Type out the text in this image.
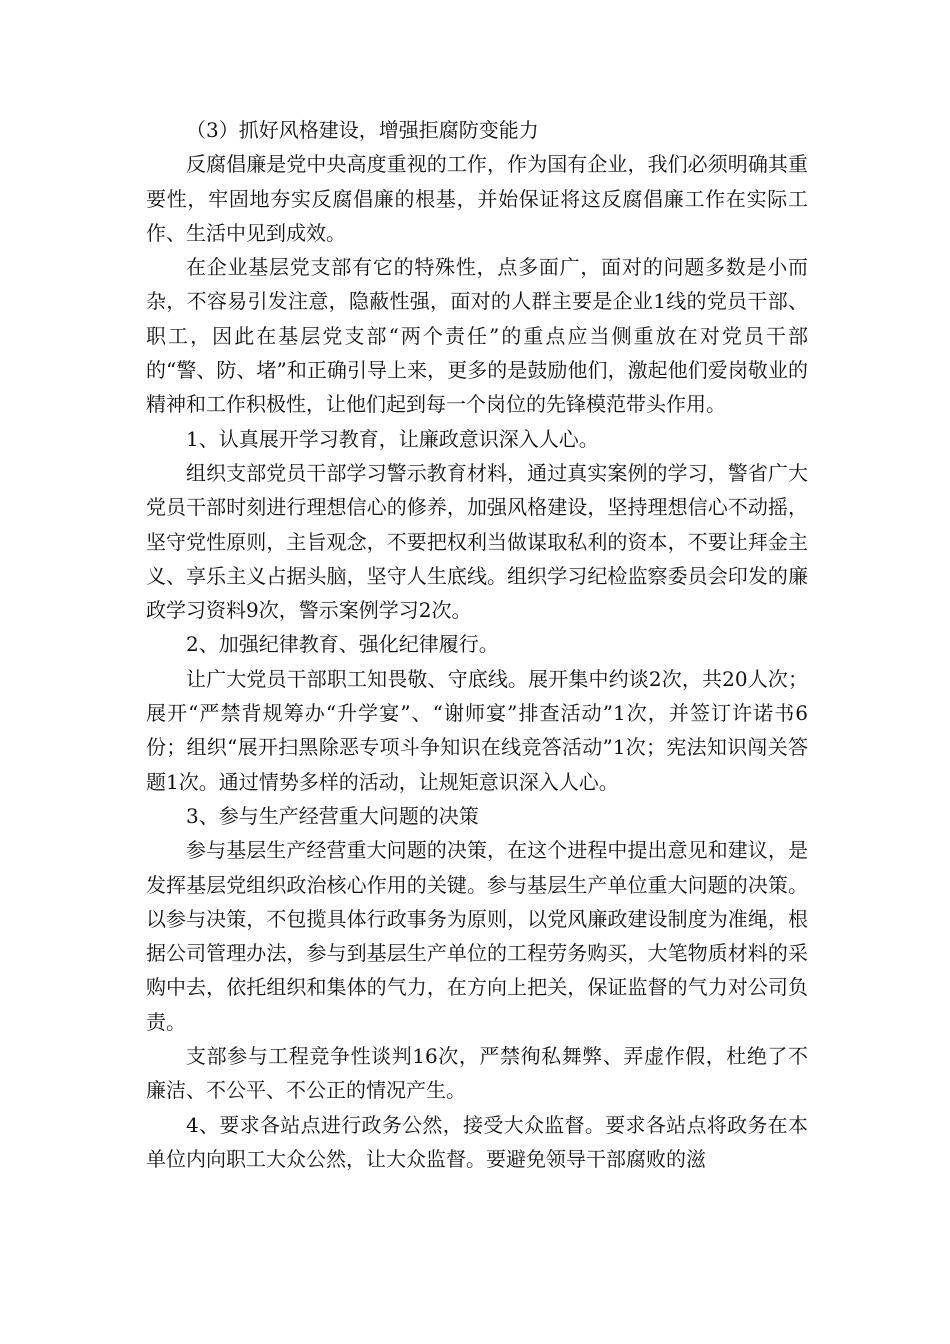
（3）抓好风格建设，增强拒腐防变能力

反腐倡廉是党中央高度重视的工作，作为国有企业，我们必须明确其重要性，牢固地夯实反腐倡廉的根基，并始保证将这反腐倡廉工作在实际工作、生活中见到成效。

在企业基层党支部有它的特殊性，点多面广，面对的问题多数是小而杂，不容易引发注意，隐蔽性强，面对的人群主要是企业1线的党员干部、职工，因此在基层党支部“两个责任”的重点应当侧重放在对党员干部的“警、防、堵”和正确引导上来，更多的是鼓励他们，激起他们爱岗敬业的精神和工作积极性，让他们起到每一个岗位的先锋模范带头作用。

1、认真展开学习教育，让廉政意识深入人心。

组织支部党员干部学习警示教育材料，通过真实案例的学习，警省广大党员干部时刻进行理想信心的修养，加强风格建设，坚持理想信心不动摇，坚守党性原则，主旨观念，不要把权利当做谋取私利的资本，不要让拜金主义、享乐主义占据头脑，坚守人生底线。组织学习纪检监察委员会印发的廉政学习资料9次，警示案例学习2次。

2、加强纪律教育、强化纪律履行。

让广大党员干部职工知畏敬、守底线。展开集中约谈2次，共20人次；展开“严禁背规筹办“升学宴”、“谢师宴”排查活动”1次，并签订许诺书6份；组织“展开扫黑除恶专项斗争知识在线竞答活动”1次；宪法知识闯关答题1次。通过情势多样的活动，让规矩意识深入人心。

3、参与生产经营重大问题的决策

参与基层生产经营重大问题的决策，在这个进程中提出意见和建议，是发挥基层党组织政治核心作用的关键。参与基层生产单位重大问题的决策。以参与决策，不包揽具体行政事务为原则，以党风廉政建设制度为准绳，根据公司管理办法，参与到基层生产单位的工程劳务购买，大笔物质材料的采购中去，依托组织和集体的气力，在方向上把关，保证监督的气力对公司负责。

支部参与工程竞争性谈判16次，严禁徇私舞弊、弄虚作假，杜绝了不廉洁、不公平、不公正的情况产生。

4、要求各站点进行政务公然，接受大众监督。要求各站点将政务在本单位内向职工大众公然，让大众监督。要避免领导干部腐败的滋
